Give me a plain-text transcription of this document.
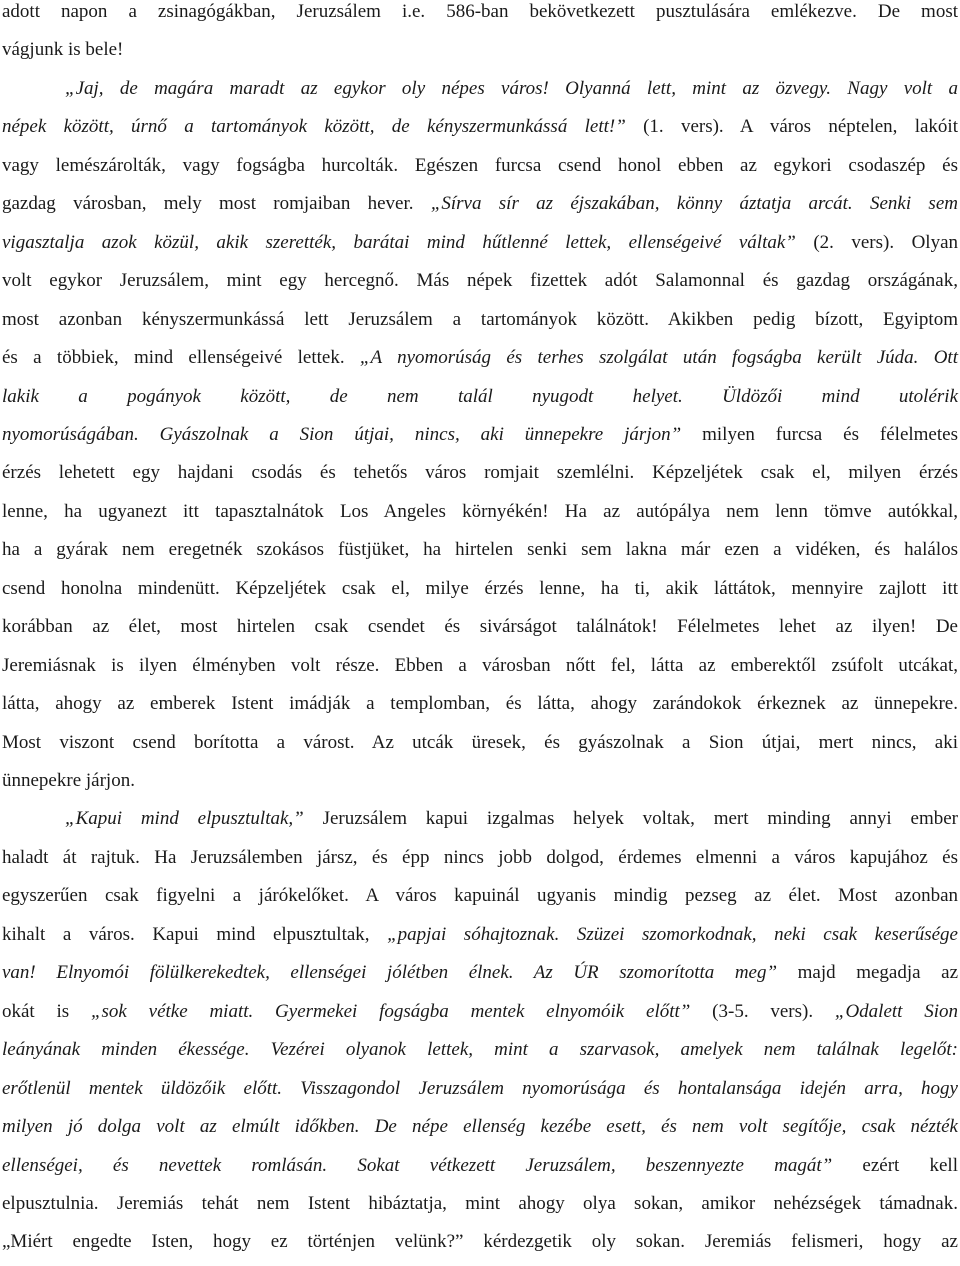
adott napon a zsinagógákban, Jeruzsálem i.e. 586-ban bekövetkezett pusztulására emlékezve. De most
vágjunk is bele!
„Jaj, de magára maradt az egykor oly népes város! Olyanná lett, mint az özvegy. Nagy volt a
népek között, úrnő a tartományok között, de kényszermunkássá lett!” (1. vers). A város néptelen, lakóit
vagy lemészárolták, vagy fogságba hurcolták. Egészen furcsa csend honol ebben az egykori csodaszép és
gazdag városban, mely most romjaiban hever. „Sírva sír az éjszakában, könny áztatja arcát. Senki sem
vigasztalja azok közül, akik szerették, barátai mind hűtlenné lettek, ellenségeivé váltak” (2. vers). Olyan
volt egykor Jeruzsálem, mint egy hercegnő. Más népek fizettek adót Salamonnal és gazdag országának,
most azonban kényszermunkássá lett Jeruzsálem a tartományok között. Akikben pedig bízott, Egyiptom
és a többiek, mind ellenségeivé lettek. „A nyomorúság és terhes szolgálat után fogságba került Júda. Ott
lakik a pogányok között, de nem talál nyugodt helyet. Üldözői mind utolérik
nyomorúságában. Gyászolnak a Sion útjai, nincs, aki ünnepekre járjon” milyen furcsa és félelmetes
érzés lehetett egy hajdani csodás és tehetős város romjait szemlélni. Képzeljétek csak el, milyen érzés
lenne, ha ugyanezt itt tapasztalnátok Los Angeles környékén! Ha az autópálya nem lenn tömve autókkal,
ha a gyárak nem eregetnék szokásos füstjüket, ha hirtelen senki sem lakna már ezen a vidéken, és halálos
csend honolna mindenütt. Képzeljétek csak el, milye érzés lenne, ha ti, akik láttátok, mennyire zajlott itt
korábban az élet, most hirtelen csak csendet és sivárságot találnátok! Félelmetes lehet az ilyen! De
Jeremiásnak is ilyen élményben volt része. Ebben a városban nőtt fel, látta az emberektől zsúfolt utcákat,
látta, ahogy az emberek Istent imádják a templomban, és látta, ahogy zarándokok érkeznek az ünnepekre.
Most viszont csend borította a várost. Az utcák üresek, és gyászolnak a Sion útjai, mert nincs, aki
ünnepekre járjon.
„Kapui mind elpusztultak,” Jeruzsálem kapui izgalmas helyek voltak, mert minding annyi ember
haladt át rajtuk. Ha Jeruzsálemben jársz, és épp nincs jobb dolgod, érdemes elmenni a város kapujához és
egyszerűen csak figyelni a járókelőket. A város kapuinál ugyanis mindig pezseg az élet. Most azonban
kihalt a város. Kapui mind elpusztultak, „papjai sóhajtoznak. Szüzei szomorkodnak, neki csak keserűsége
van! Elnyomói fölülkerekedtek, ellenségei jólétben élnek. Az ÚR szomorította meg” majd megadja az
okát is „sok vétke miatt. Gyermekei fogságba mentek elnyomóik előtt” (3-5. vers). „Odalett Sion
leányának minden ékessége. Vezérei olyanok lettek, mint a szarvasok, amelyek nem találnak legelőt:
erőtlenül mentek üldözőik előtt. Visszagondol Jeruzsálem nyomorúsága és hontalansága idején arra, hogy
milyen jó dolga volt az elmúlt időkben. De népe ellenség kezébe esett, és nem volt segítője, csak nézték
ellenségei, és nevettek romlásán. Sokat vétkezett Jeruzsálem, beszennyezte magát” ezért kell
elpusztulnia. Jeremiás tehát nem Istent hibáztatja, mint ahogy olya sokan, amikor nehézségek támadnak.
„Miért engedte Isten, hogy ez történjen velünk?” kérdezgetik oly sokan. Jeremiás felismeri, hogy az
